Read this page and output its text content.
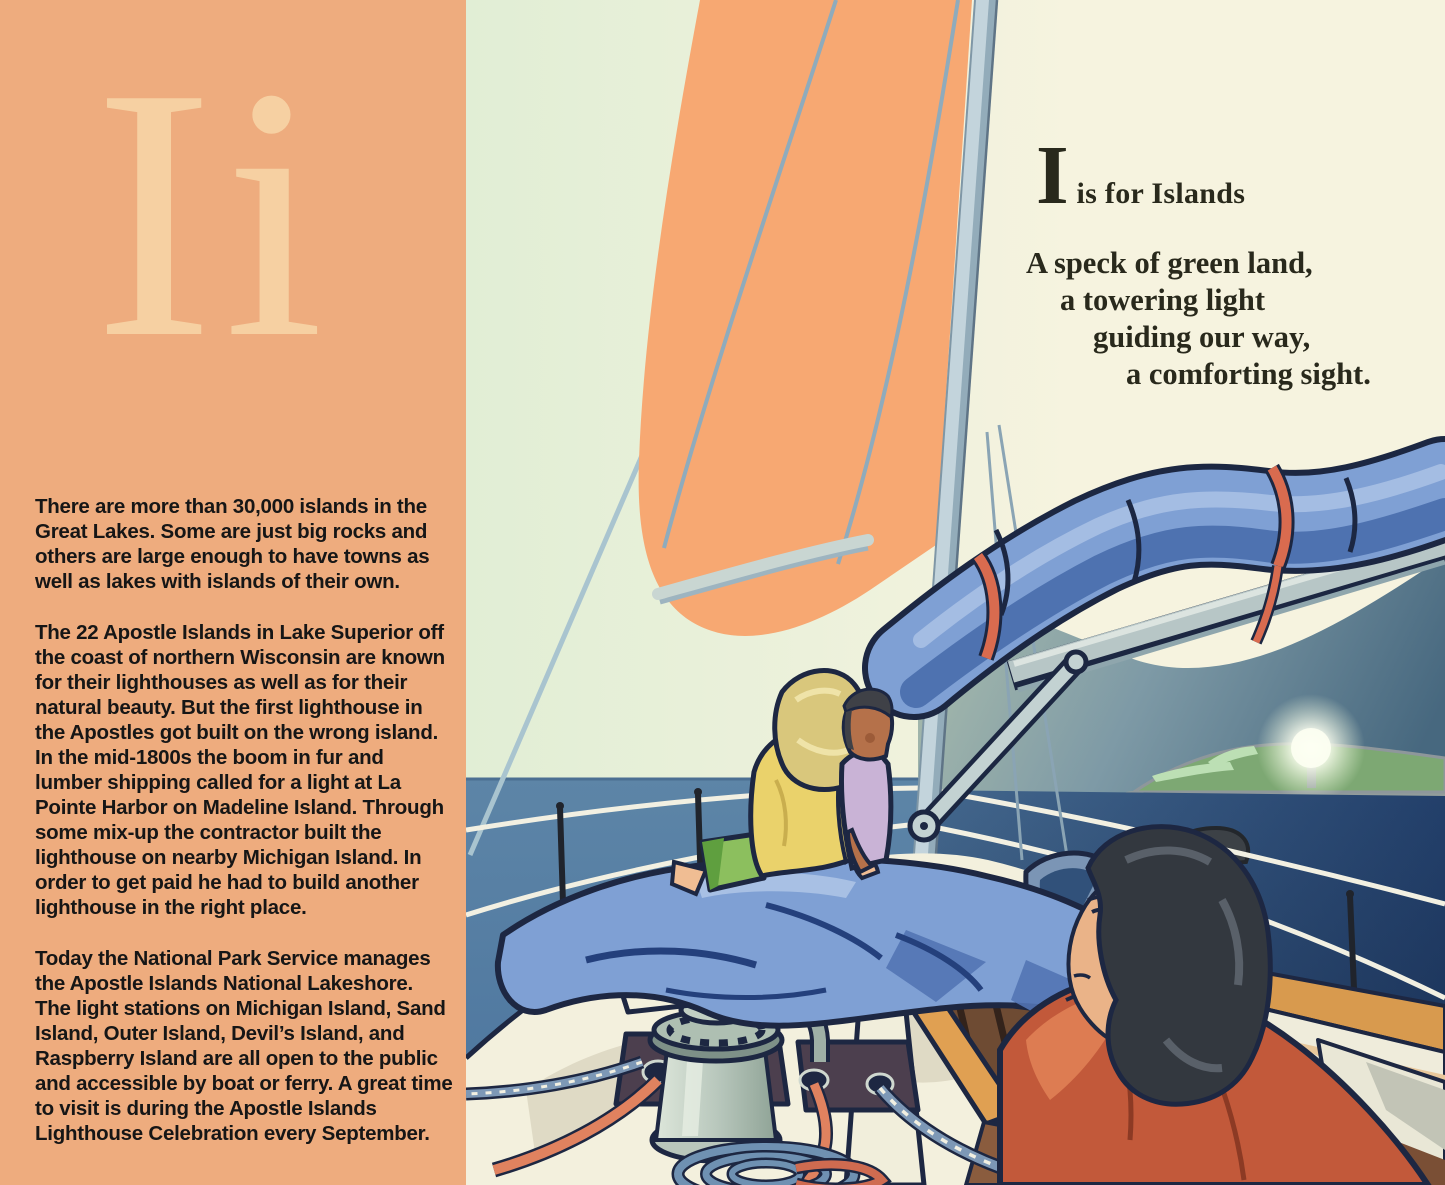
Ii

There are more than 30,000 islands in the Great Lakes. Some are just big rocks and others are large enough to have towns as well as lakes with islands of their own.

The 22 Apostle Islands in Lake Superior off the coast of northern Wisconsin are known for their lighthouses as well as for their natural beauty. But the first lighthouse in the Apostles got built on the wrong island. In the mid-1800s the boom in fur and lumber shipping called for a light at La Pointe Harbor on Madeline Island. Through some mix-up the contractor built the lighthouse on nearby Michigan Island. In order to get paid he had to build another lighthouse in the right place.

Today the National Park Service manages the Apostle Islands National Lakeshore. The light stations on Michigan Island, Sand Island, Outer Island, Devil’s Island, and Raspberry Island are all open to the public and accessible by boat or ferry. A great time to visit is during the Apostle Islands Lighthouse Celebration every September.

I is for Islands
A speck of green land,
a towering light
guiding our way,
a comforting sight.
